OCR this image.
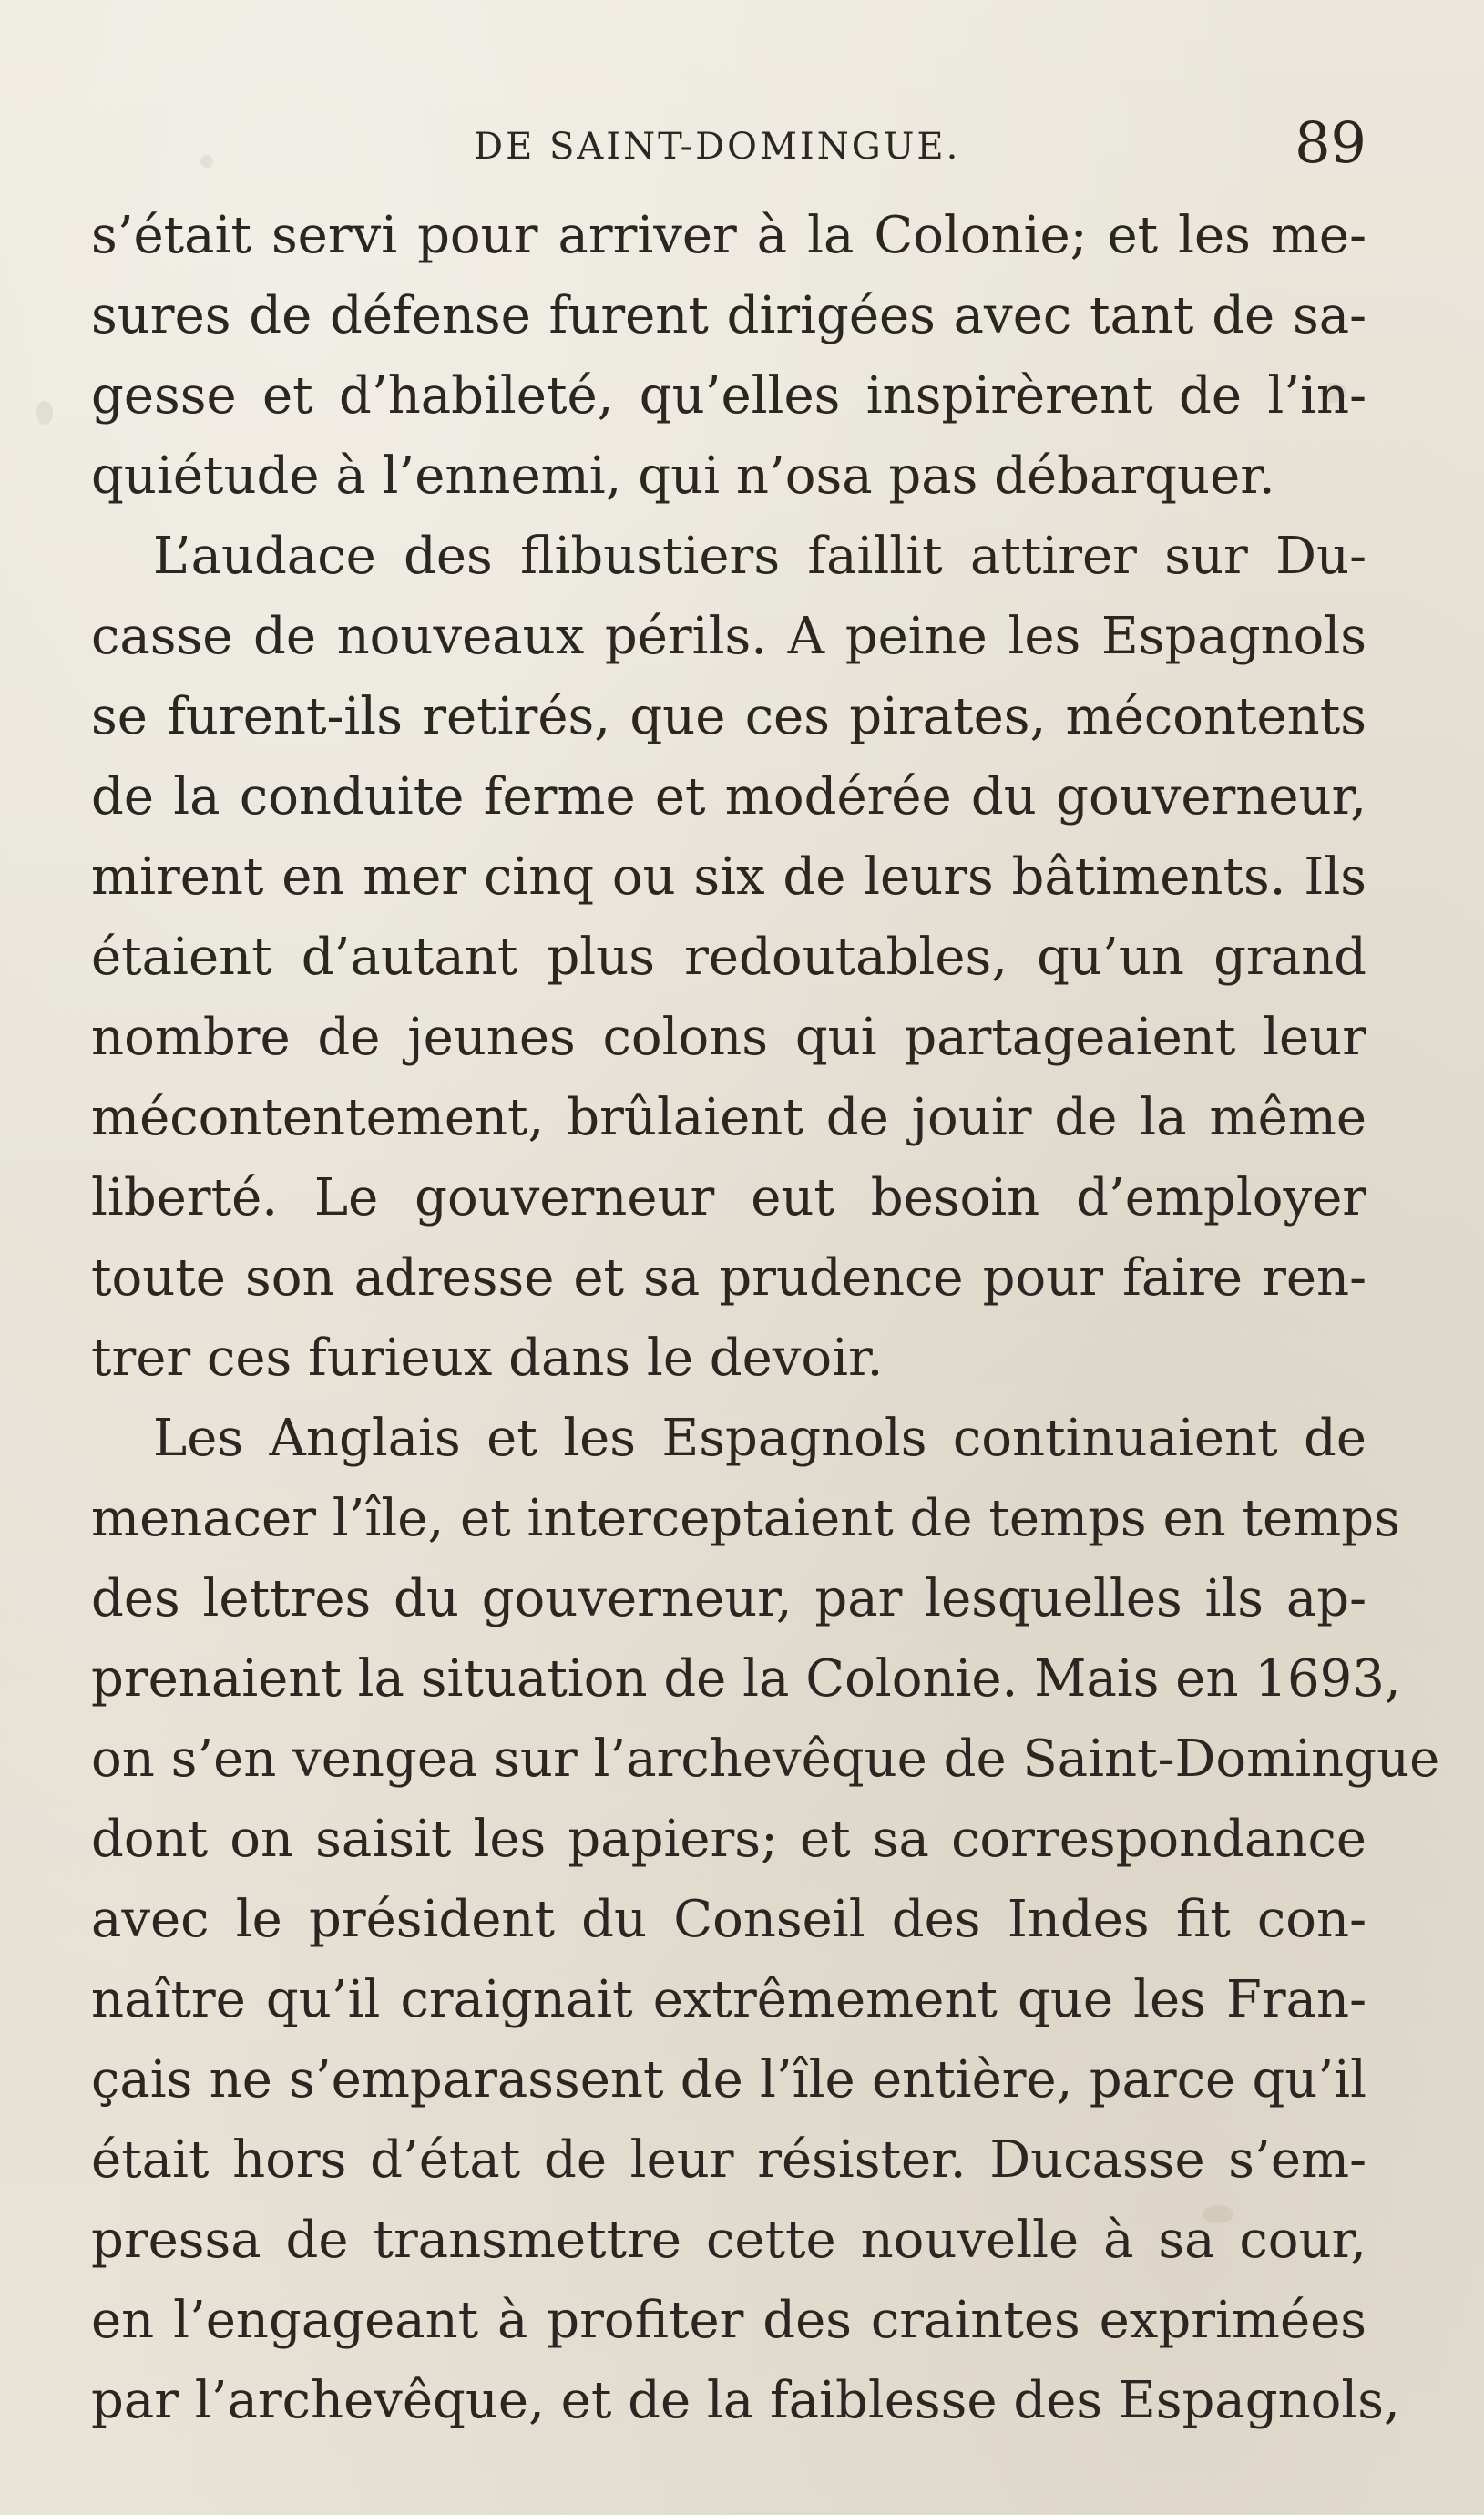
DE SAINT-DOMINGUE.	89
s’était servi pour arriver à la Colonie; et les me-
sures de défense furent dirigées avec tant de sa-
gesse et d’habileté, qu’elles inspirèrent de l’in-
quiétude à l’ennemi, qui n’osa pas débarquer.
L’audace des flibustiers faillit attirer sur Du-
casse de nouveaux périls. A peine les Espagnols
se furent-ils retirés, que ces pirates, mécontents
de la conduite ferme et modérée du gouverneur,
mirent en mer cinq ou six de leurs bâtiments. Ils
étaient d’autant plus redoutables, qu’un grand
nombre de jeunes colons qui partageaient leur
mécontentement, brûlaient de jouir de la même
liberté. Le gouverneur eut besoin d’employer
toute son adresse et sa prudence pour faire ren-
trer ces furieux dans le devoir.
Les Anglais et les Espagnols continuaient de
menacer l’île, et interceptaient de temps en temps
des lettres du gouverneur, par lesquelles ils ap-
prenaient la situation de la Colonie. Mais en 1693,
on s’en vengea sur l’archevêque de Saint-Domingue
dont on saisit les papiers; et sa correspondance
avec le président du Conseil des Indes fit con-
naître qu’il craignait extrêmement que les Fran-
çais ne s’emparassent de l’île entière, parce qu’il
était hors d’état de leur résister. Ducasse s’em-
pressa de transmettre cette nouvelle à sa cour,
en l’engageant à profiter des craintes exprimées
par l’archevêque, et de la faiblesse des Espagnols,
